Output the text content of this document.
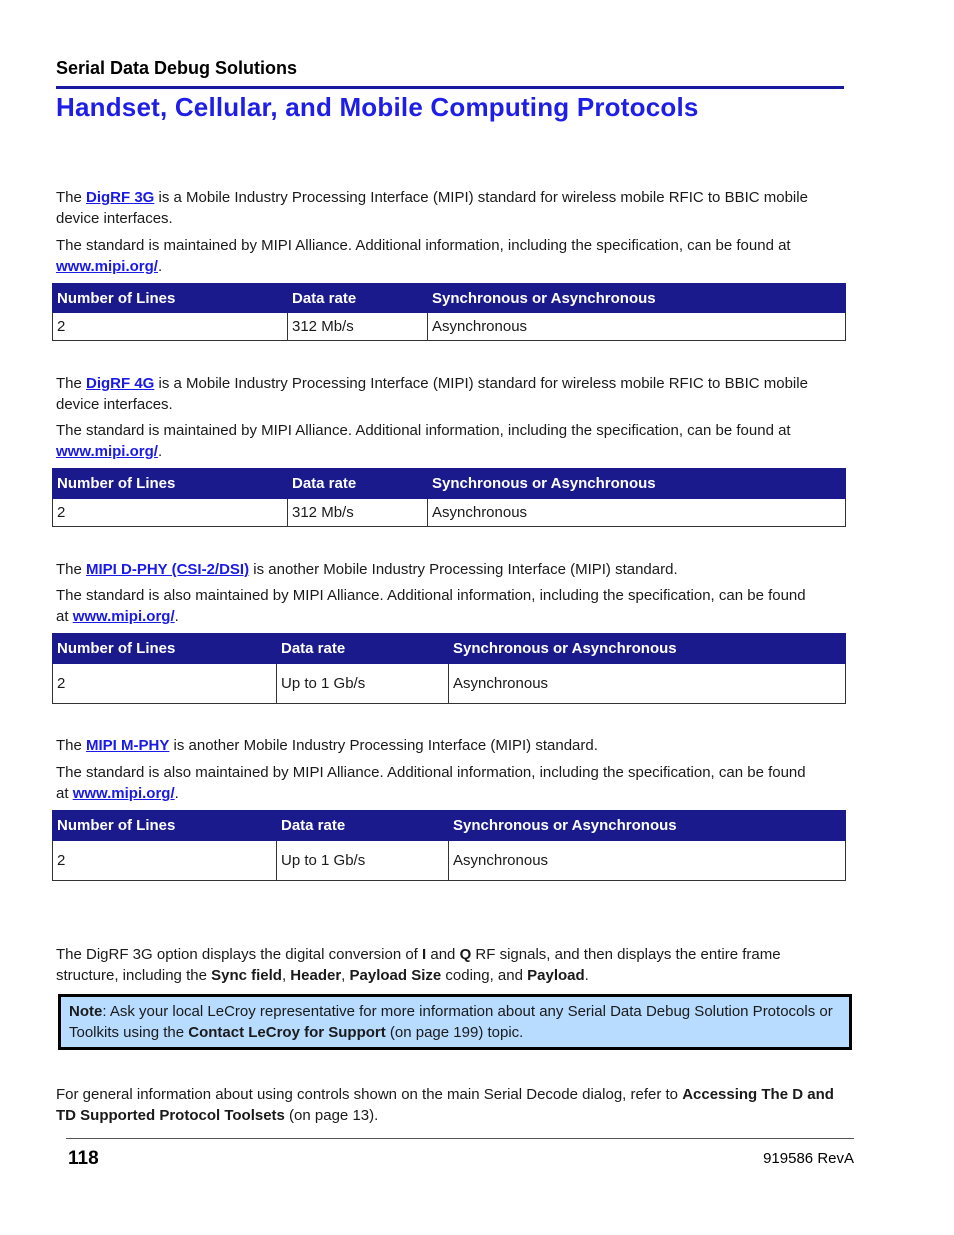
Serial Data Debug Solutions
Handset, Cellular, and Mobile Computing Protocols

The DigRF 3G is a Mobile Industry Processing Interface (MIPI) standard for wireless mobile RFIC to BBIC mobile device interfaces.

The standard is maintained by MIPI Alliance. Additional information, including the specification, can be found at www.mipi.org/.

Number of Lines	Data rate	Synchronous or Asynchronous
2	312 Mb/s	Asynchronous

The DigRF 4G is a Mobile Industry Processing Interface (MIPI) standard for wireless mobile RFIC to BBIC mobile device interfaces.

The standard is maintained by MIPI Alliance. Additional information, including the specification, can be found at www.mipi.org/.

Number of Lines	Data rate	Synchronous or Asynchronous
2	312 Mb/s	Asynchronous

The MIPI D-PHY (CSI-2/DSI) is another Mobile Industry Processing Interface (MIPI) standard.

The standard is also maintained by MIPI Alliance. Additional information, including the specification, can be found at www.mipi.org/.

Number of Lines	Data rate	Synchronous or Asynchronous
2	Up to 1 Gb/s	Asynchronous

The MIPI M-PHY is another Mobile Industry Processing Interface (MIPI) standard.

The standard is also maintained by MIPI Alliance. Additional information, including the specification, can be found at www.mipi.org/.

Number of Lines	Data rate	Synchronous or Asynchronous
2	Up to 1 Gb/s	Asynchronous

The DigRF 3G option displays the digital conversion of I and Q RF signals, and then displays the entire frame structure, including the Sync field, Header, Payload Size coding, and Payload.

Note: Ask your local LeCroy representative for more information about any Serial Data Debug Solution Protocols or Toolkits using the Contact LeCroy for Support (on page 199) topic.

For general information about using controls shown on the main Serial Decode dialog, refer to Accessing The D and TD Supported Protocol Toolsets (on page 13).

118	919586 RevA
